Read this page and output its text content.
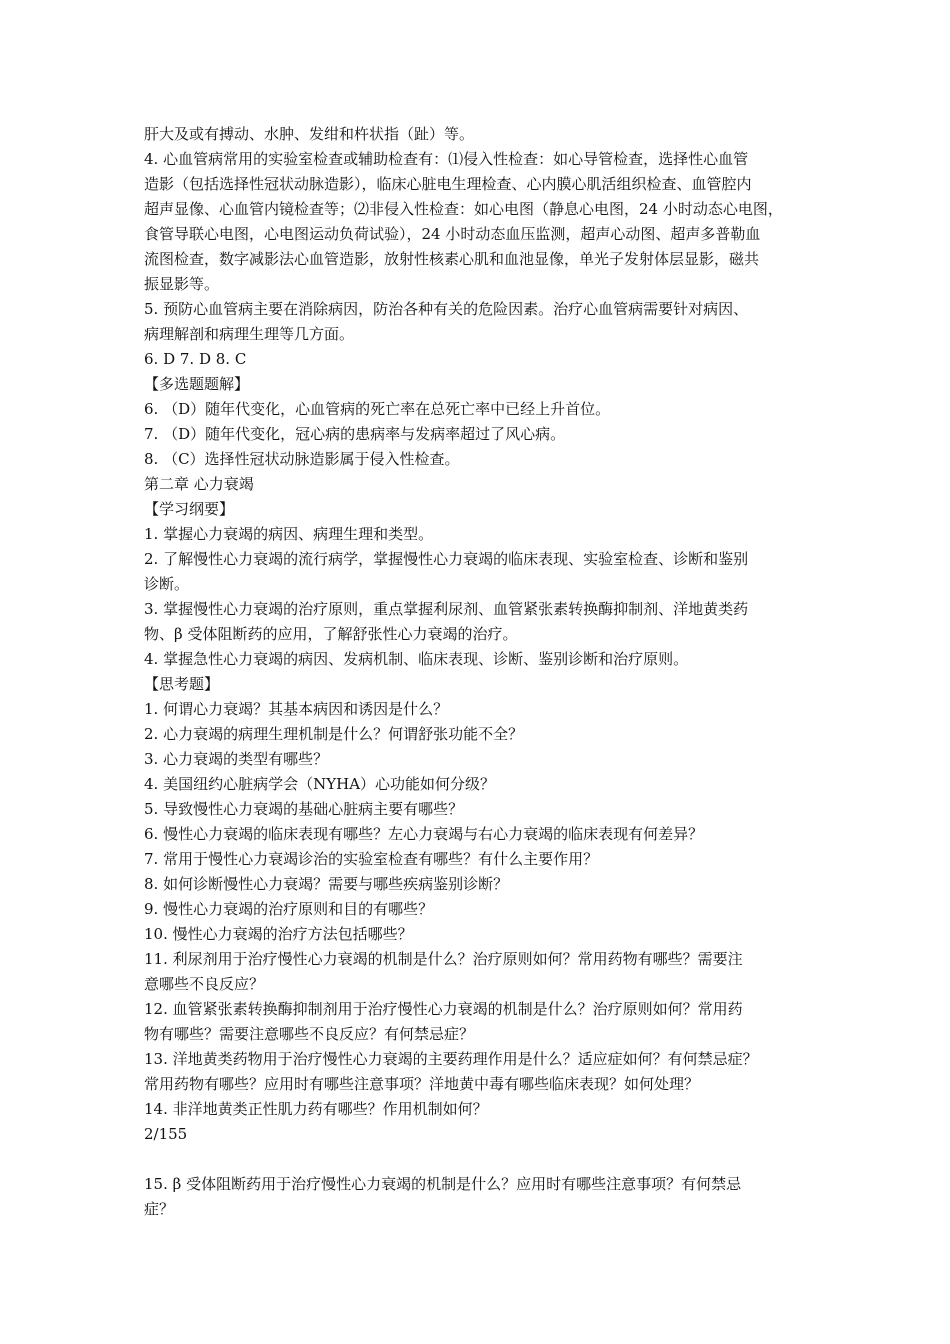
肝大及或有搏动、水肿、发绀和杵状指（趾）等。
4. 心血管病常用的实验室检查或辅助检查有：⑴侵入性检查：如心导管检查，选择性心血管
造影（包括选择性冠状动脉造影），临床心脏电生理检查、心内膜心肌活组织检查、血管腔内
超声显像、心血管内镜检查等；⑵非侵入性检查：如心电图（静息心电图，24 小时动态心电图，
食管导联心电图，心电图运动负荷试验），24 小时动态血压监测，超声心动图、超声多普勒血
流图检查，数字减影法心血管造影，放射性核素心肌和血池显像，单光子发射体层显影，磁共
振显影等。
5. 预防心血管病主要在消除病因，防治各种有关的危险因素。治疗心血管病需要针对病因、
病理解剖和病理生理等几方面。
6. D 7. D 8. C
【多选题题解】
6. （D）随年代变化，心血管病的死亡率在总死亡率中已经上升首位。
7. （D）随年代变化，冠心病的患病率与发病率超过了风心病。
8. （C）选择性冠状动脉造影属于侵入性检查。
第二章 心力衰竭
【学习纲要】
1. 掌握心力衰竭的病因、病理生理和类型。
2. 了解慢性心力衰竭的流行病学，掌握慢性心力衰竭的临床表现、实验室检查、诊断和鉴别
诊断。
3. 掌握慢性心力衰竭的治疗原则，重点掌握利尿剂、血管紧张素转换酶抑制剂、洋地黄类药
物、β 受体阻断药的应用，了解舒张性心力衰竭的治疗。
4. 掌握急性心力衰竭的病因、发病机制、临床表现、诊断、鉴别诊断和治疗原则。
【思考题】
1. 何谓心力衰竭？其基本病因和诱因是什么？
2. 心力衰竭的病理生理机制是什么？何谓舒张功能不全？
3. 心力衰竭的类型有哪些？
4. 美国纽约心脏病学会（NYHA）心功能如何分级？
5. 导致慢性心力衰竭的基础心脏病主要有哪些？
6. 慢性心力衰竭的临床表现有哪些？左心力衰竭与右心力衰竭的临床表现有何差异？
7. 常用于慢性心力衰竭诊治的实验室检查有哪些？有什么主要作用？
8. 如何诊断慢性心力衰竭？需要与哪些疾病鉴别诊断？
9. 慢性心力衰竭的治疗原则和目的有哪些？
10. 慢性心力衰竭的治疗方法包括哪些？
11. 利尿剂用于治疗慢性心力衰竭的机制是什么？治疗原则如何？常用药物有哪些？需要注
意哪些不良反应？
12. 血管紧张素转换酶抑制剂用于治疗慢性心力衰竭的机制是什么？治疗原则如何？常用药
物有哪些？需要注意哪些不良反应？有何禁忌症？
13. 洋地黄类药物用于治疗慢性心力衰竭的主要药理作用是什么？适应症如何？有何禁忌症？
常用药物有哪些？应用时有哪些注意事项？洋地黄中毒有哪些临床表现？如何处理？
14. 非洋地黄类正性肌力药有哪些？作用机制如何？
2/155
15. β 受体阻断药用于治疗慢性心力衰竭的机制是什么？应用时有哪些注意事项？有何禁忌
症？
